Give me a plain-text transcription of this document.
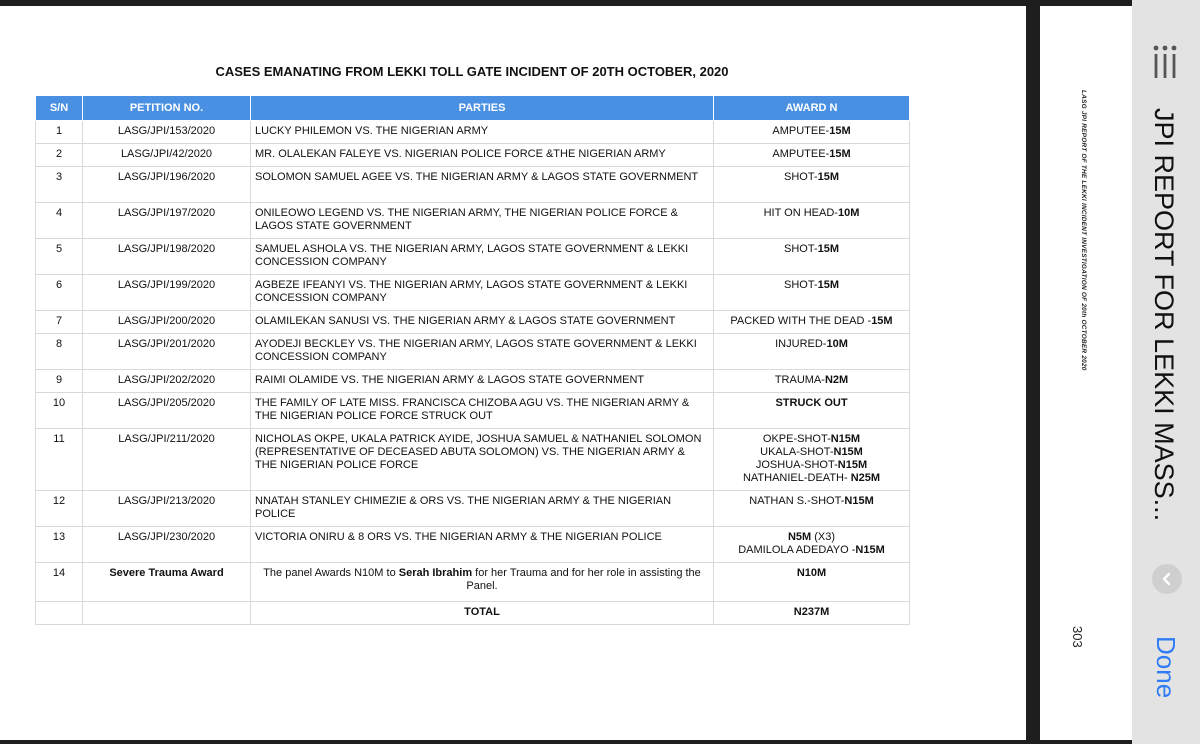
CASES EMANATING FROM LEKKI TOLL GATE INCIDENT OF 20TH OCTOBER, 2020
S/N	PETITION NO.	PARTIES	AWARD N
1	LASG/JPI/153/2020	LUCKY PHILEMON VS. THE NIGERIAN ARMY	AMPUTEE-15M

2	LASG/JPI/42/2020	MR. OLALEKAN FALEYE VS. NIGERIAN POLICE FORCE &THE NIGERIAN ARMY	AMPUTEE-15M

3	LASG/JPI/196/2020	SOLOMON SAMUEL AGEE VS. THE NIGERIAN ARMY & LAGOS STATE GOVERNMENT	SHOT-15M

4	LASG/JPI/197/2020	ONILEOWO LEGEND VS. THE NIGERIAN ARMY, THE NIGERIAN POLICE FORCE & LAGOS STATE GOVERNMENT	HIT ON HEAD-10M

5	LASG/JPI/198/2020	SAMUEL ASHOLA VS. THE NIGERIAN ARMY, LAGOS STATE GOVERNMENT & LEKKI CONCESSION COMPANY	SHOT-15M

6	LASG/JPI/199/2020	AGBEZE IFEANYI VS. THE NIGERIAN ARMY, LAGOS STATE GOVERNMENT & LEKKI CONCESSION COMPANY	SHOT-15M

7	LASG/JPI/200/2020	OLAMILEKAN SANUSI VS. THE NIGERIAN ARMY & LAGOS STATE GOVERNMENT	PACKED WITH THE DEAD -15M

8	LASG/JPI/201/2020	AYODEJI BECKLEY VS. THE NIGERIAN ARMY, LAGOS STATE GOVERNMENT & LEKKI CONCESSION COMPANY	INJURED-10M

9	LASG/JPI/202/2020	RAIMI OLAMIDE VS. THE NIGERIAN ARMY & LAGOS STATE GOVERNMENT	TRAUMA-N2M

10	LASG/JPI/205/2020	THE FAMILY OF LATE MISS. FRANCISCA CHIZOBA AGU VS. THE NIGERIAN ARMY & THE NIGERIAN POLICE FORCE STRUCK OUT	STRUCK OUT

11	LASG/JPI/211/2020	NICHOLAS OKPE, UKALA PATRICK AYIDE, JOSHUA SAMUEL & NATHANIEL SOLOMON (REPRESENTATIVE OF DECEASED ABUTA SOLOMON) VS. THE NIGERIAN ARMY & THE NIGERIAN POLICE FORCE	OKPE-SHOT-N15M
UKALA-SHOT-N15M
JOSHUA-SHOT-N15M
NATHANIEL-DEATH- N25M

12	LASG/JPI/213/2020	NNATAH STANLEY CHIMEZIE & ORS VS. THE NIGERIAN ARMY & THE NIGERIAN POLICE	NATHAN S.-SHOT-N15M

13	LASG/JPI/230/2020	VICTORIA ONIRU & 8 ORS VS. THE NIGERIAN ARMY & THE NIGERIAN POLICE	N5M (X3)
DAMILOLA ADEDAYO -N15M

14	Severe Trauma Award	The panel Awards N10M to Serah Ibrahim for her Trauma and for her role in assisting the Panel.	N10M
		TOTAL	N237M
LASG JPI REPORT OF THE LEKKI INCIDENT INVESTIGATION OF 20th OCTOBER 2020
303
JPI REPORT FOR LEKKI MASS...
Done
